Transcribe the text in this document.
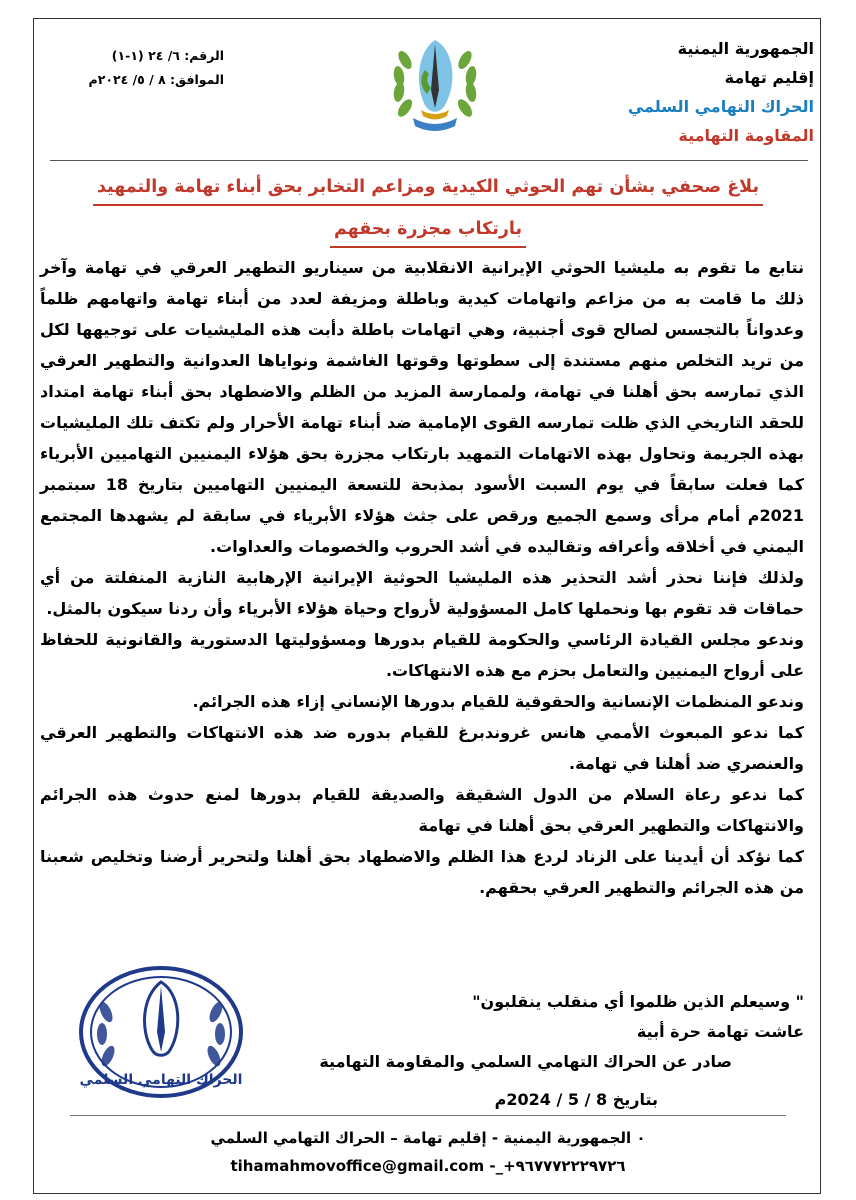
الجمهورية اليمنية
إقليم تهامة
الحراك التهامي السلمي
المقاومة التهامية
الرقم: ٦/ ٢٤ (١-١)
الموافق: ٨ / ٥/ ٢٠٢٤م
بلاغ صحفي بشأن تهم الحوثي الكيدية ومزاعم التخابر بحق أبناء تهامة والتمهيد
بارتكاب مجزرة بحقهم

نتابع ما تقوم به مليشيا الحوثي الإيرانية الانقلابية من سيناريو التطهير العرقي في تهامة وآخر ذلك ما قامت به من مزاعم واتهامات كيدية وباطلة ومزيفة لعدد من أبناء تهامة واتهامهم ظلماً وعدواناً بالتجسس لصالح قوى أجنبية، وهي اتهامات باطلة دأبت هذه المليشيات على توجيهها لكل من تريد التخلص منهم مستندة إلى سطوتها وقوتها الغاشمة ونواياها العدوانية والتطهير العرقي الذي تمارسه بحق أهلنا في تهامة، ولممارسة المزيد من الظلم والاضطهاد بحق أبناء تهامة امتداد للحقد التاريخي الذي ظلت تمارسه القوى الإمامية ضد أبناء تهامة الأحرار ولم تكتف تلك المليشيات بهذه الجريمة وتحاول بهذه الاتهامات التمهيد بارتكاب مجزرة بحق هؤلاء اليمنيين التهاميين الأبرياء كما فعلت سابقاً في يوم السبت الأسود بمذبحة للتسعة اليمنيين التهاميين بتاريخ 18 سبتمبر 2021م أمام مرأى وسمع الجميع ورقص على جثث هؤلاء الأبرياء في سابقة لم يشهدها المجتمع اليمني في أخلاقه وأعرافه وتقاليده في أشد الحروب والخصومات والعداوات.

ولذلك فإننا نحذر أشد التحذير هذه المليشيا الحوثية الإيرانية الإرهابية النازية المنفلتة من أي حماقات قد تقوم بها ونحملها كامل المسؤولية لأرواح وحياة هؤلاء الأبرياء وأن ردنا سيكون بالمثل.

وندعو مجلس القيادة الرئاسي والحكومة للقيام بدورها ومسؤوليتها الدستورية والقانونية للحفاظ على أرواح اليمنيين والتعامل بحزم مع هذه الانتهاكات.

وندعو المنظمات الإنسانية والحقوقية للقيام بدورها الإنساني إزاء هذه الجرائم.

كما ندعو المبعوث الأممي هانس غروندبرغ للقيام بدوره ضد هذه الانتهاكات والتطهير العرقي والعنصري ضد أهلنا في تهامة.

كما ندعو رعاة السلام من الدول الشقيقة والصديقة للقيام بدورها لمنع حدوث هذه الجرائم والانتهاكات والتطهير العرقي بحق أهلنا في تهامة

كما نؤكد أن أيدينا على الزناد لردع هذا الظلم والاضطهاد بحق أهلنا ولتحرير أرضنا وتخليص شعبنا من هذه الجرائم والتطهير العرقي بحقهم.

" وسيعلم الذين ظلموا أي منقلب ينقلبون"
عاشت تهامة حرة أبية
صادر عن الحراك التهامي السلمي والمقاومة التهامية
بتاريخ 8 / 5 / 2024م
الحراك التهامي السلمي
٠ الجمهورية اليمنية - إقليم تهامة – الحراك التهامي السلمي
tihamahmovoffice@gmail.com -_+٩٦٧٧٧٢٢٢٩٧٢٦
